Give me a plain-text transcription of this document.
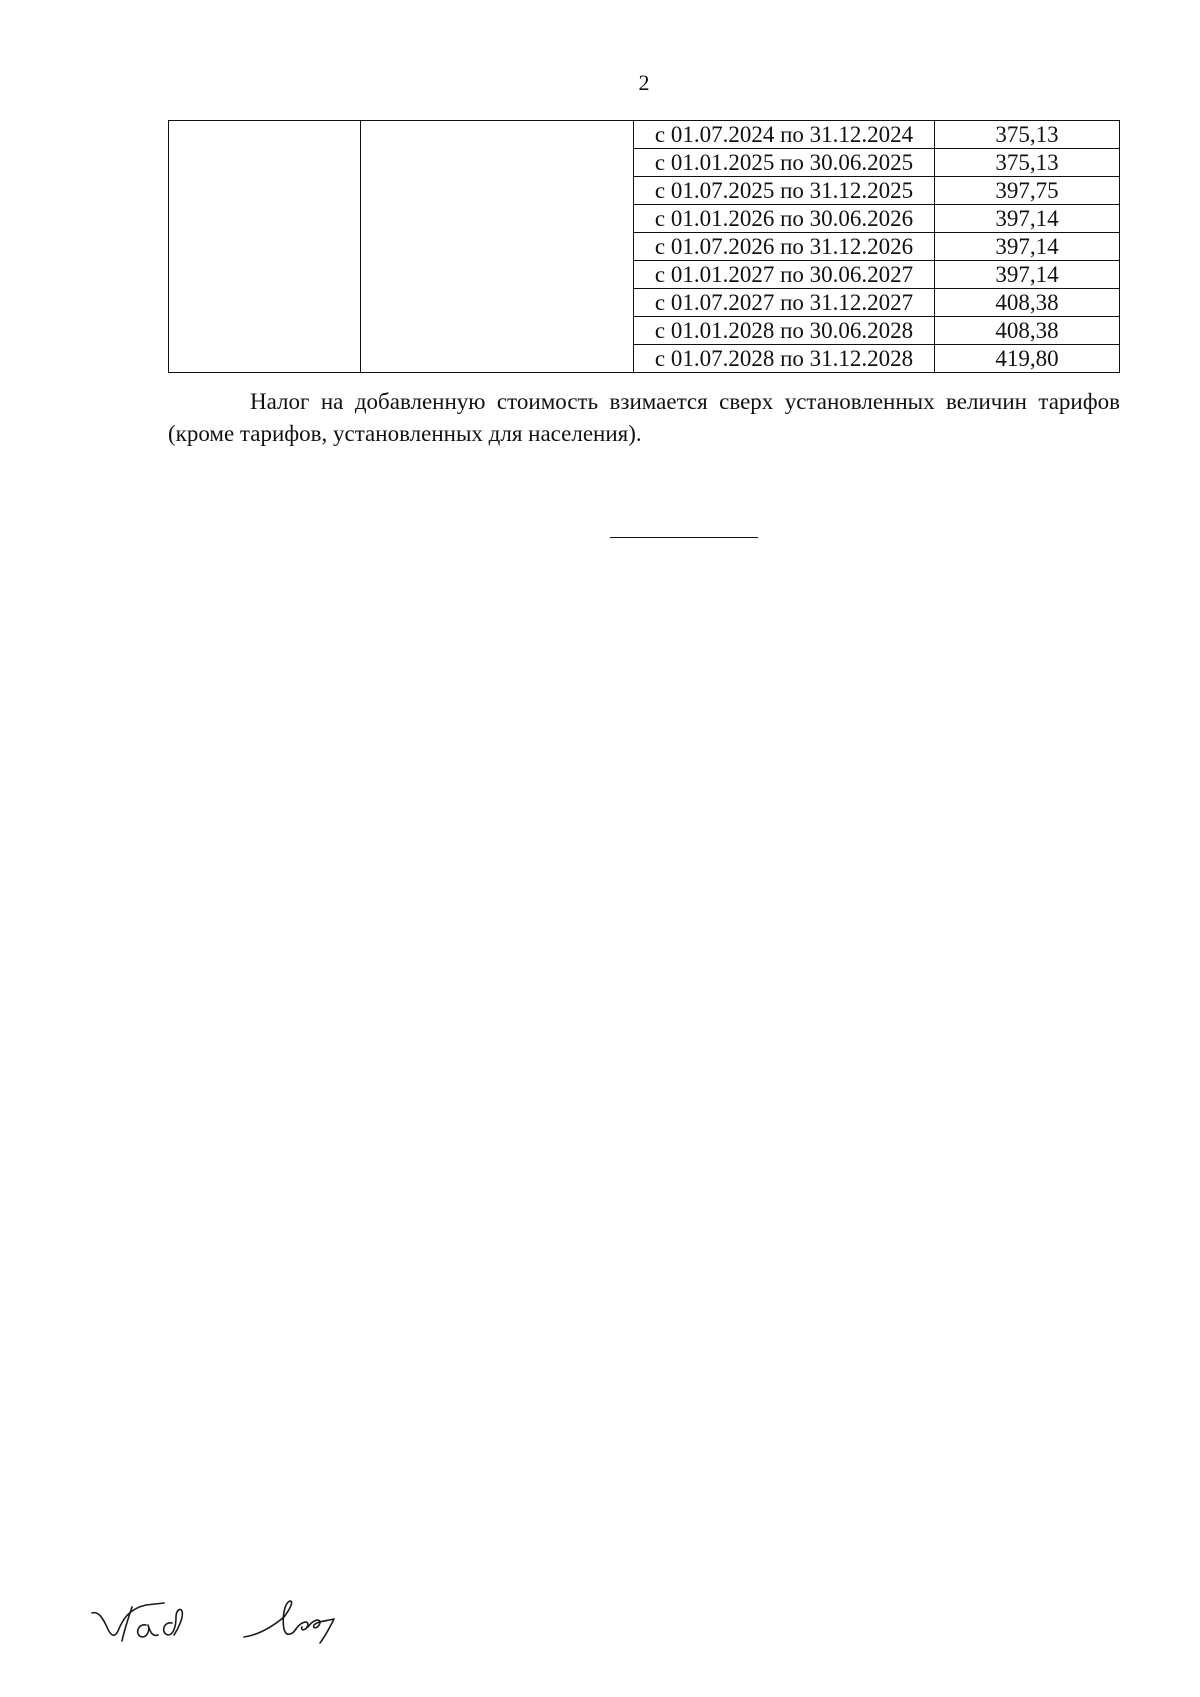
2
		с 01.07.2024 по 31.12.2024	375,13
		с 01.01.2025 по 30.06.2025	375,13
		с 01.07.2025 по 31.12.2025	397,75
		с 01.01.2026 по 30.06.2026	397,14
		с 01.07.2026 по 31.12.2026	397,14
		с 01.01.2027 по 30.06.2027	397,14
		с 01.07.2027 по 31.12.2027	408,38
		с 01.01.2028 по 30.06.2028	408,38
		с 01.07.2028 по 31.12.2028	419,80

Налог на добавленную стоимость взимается сверх установленных величин тарифов (кроме тарифов, установленных для населения).
